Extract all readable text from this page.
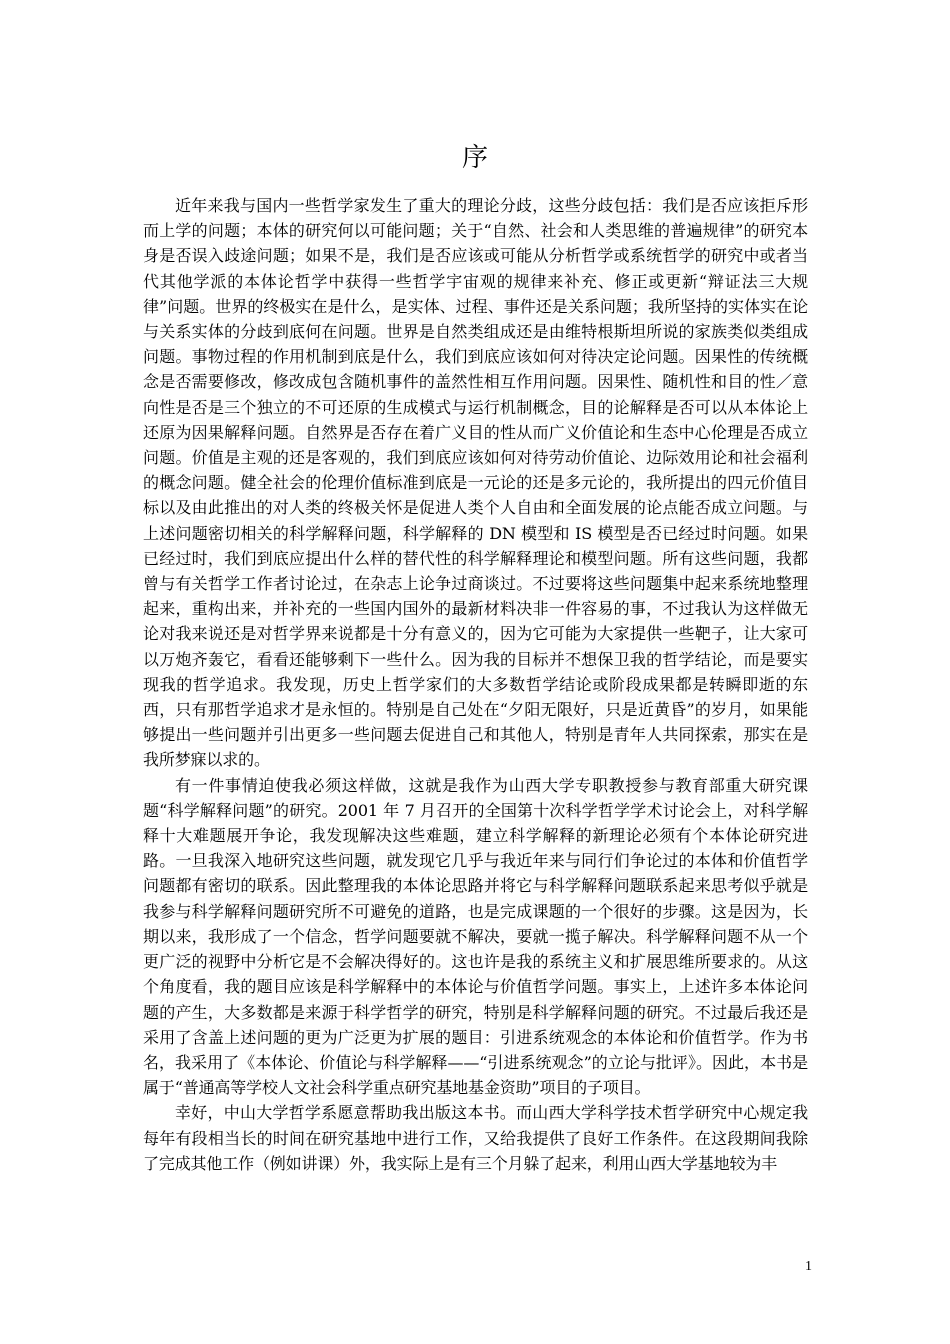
序

近年来我与国内一些哲学家发生了重大的理论分歧，这些分歧包括：我们是否应该拒斥形而上学的问题；本体的研究何以可能问题；关于“自然、社会和人类思维的普遍规律”的研究本身是否误入歧途问题；如果不是，我们是否应该或可能从分析哲学或系统哲学的研究中或者当代其他学派的本体论哲学中获得一些哲学宇宙观的规律来补充、修正或更新“辩证法三大规律”问题。世界的终极实在是什么，是实体、过程、事件还是关系问题；我所坚持的实体实在论与关系实体的分歧到底何在问题。世界是自然类组成还是由维特根斯坦所说的家族类似类组成问题。事物过程的作用机制到底是什么，我们到底应该如何对待决定论问题。因果性的传统概念是否需要修改，修改成包含随机事件的盖然性相互作用问题。因果性、随机性和目的性／意向性是否是三个独立的不可还原的生成模式与运行机制概念，目的论解释是否可以从本体论上还原为因果解释问题。自然界是否存在着广义目的性从而广义价值论和生态中心伦理是否成立问题。价值是主观的还是客观的，我们到底应该如何对待劳动价值论、边际效用论和社会福利的概念问题。健全社会的伦理价值标准到底是一元论的还是多元论的，我所提出的四元价值目标以及由此推出的对人类的终极关怀是促进人类个人自由和全面发展的论点能否成立问题。与上述问题密切相关的科学解释问题，科学解释的 DN 模型和 IS 模型是否已经过时问题。如果已经过时，我们到底应提出什么样的替代性的科学解释理论和模型问题。所有这些问题，我都曾与有关哲学工作者讨论过，在杂志上论争过商谈过。不过要将这些问题集中起来系统地整理起来，重构出来，并补充的一些国内国外的最新材料决非一件容易的事，不过我认为这样做无论对我来说还是对哲学界来说都是十分有意义的，因为它可能为大家提供一些靶子，让大家可以万炮齐轰它，看看还能够剩下一些什么。因为我的目标并不想保卫我的哲学结论，而是要实现我的哲学追求。我发现，历史上哲学家们的大多数哲学结论或阶段成果都是转瞬即逝的东西，只有那哲学追求才是永恒的。特别是自己处在“夕阳无限好，只是近黄昏”的岁月，如果能够提出一些问题并引出更多一些问题去促进自己和其他人，特别是青年人共同探索，那实在是我所梦寐以求的。

有一件事情迫使我必须这样做，这就是我作为山西大学专职教授参与教育部重大研究课题“科学解释问题”的研究。2001 年 7 月召开的全国第十次科学哲学学术讨论会上，对科学解释十大难题展开争论，我发现解决这些难题，建立科学解释的新理论必须有个本体论研究进路。一旦我深入地研究这些问题，就发现它几乎与我近年来与同行们争论过的本体和价值哲学问题都有密切的联系。因此整理我的本体论思路并将它与科学解释问题联系起来思考似乎就是我参与科学解释问题研究所不可避免的道路，也是完成课题的一个很好的步骤。这是因为，长期以来，我形成了一个信念，哲学问题要就不解决，要就一揽子解决。科学解释问题不从一个更广泛的视野中分析它是不会解决得好的。这也许是我的系统主义和扩展思维所要求的。从这个角度看，我的题目应该是科学解释中的本体论与价值哲学问题。事实上，上述许多本体论问题的产生，大多数都是来源于科学哲学的研究，特别是科学解释问题的研究。不过最后我还是采用了含盖上述问题的更为广泛更为扩展的题目：引进系统观念的本体论和价值哲学。作为书名，我采用了《本体论、价值论与科学解释——“引进系统观念”的立论与批评》。因此，本书是属于“普通高等学校人文社会科学重点研究基地基金资助”项目的子项目。

幸好，中山大学哲学系愿意帮助我出版这本书。而山西大学科学技术哲学研究中心规定我每年有段相当长的时间在研究基地中进行工作，又给我提供了良好工作条件。在这段期间我除了完成其他工作（例如讲课）外，我实际上是有三个月躲了起来，利用山西大学基地较为丰

1
